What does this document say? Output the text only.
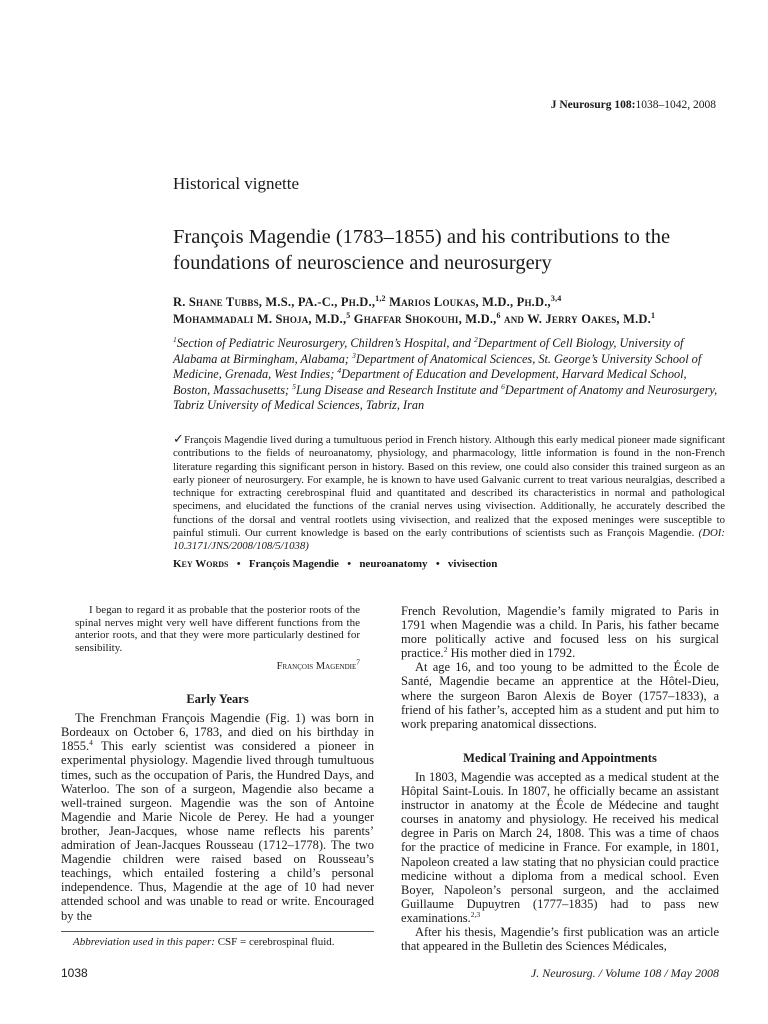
J Neurosurg 108:1038–1042, 2008
Historical vignette
François Magendie (1783–1855) and his contributions to the foundations of neuroscience and neurosurgery
R. Shane Tubbs, M.S., PA.-C., Ph.D.,$^{1,2}$ Marios Loukas, M.D., Ph.D.,$^{3,4}$
Mohammadali M. Shoja, M.D.,$^5$ Ghaffar Shokouhi, M.D.,$^6$ and W. Jerry Oakes, M.D.$^1$
$^1$Section of Pediatric Neurosurgery, Children’s Hospital, and $^2$Department of Cell Biology, University of Alabama at Birmingham, Alabama; $^3$Department of Anatomical Sciences, St. George’s University School of Medicine, Grenada, West Indies; $^4$Department of Education and Development, Harvard Medical School, Boston, Massachusetts; $^5$Lung Disease and Research Institute and $^6$Department of Anatomy and Neurosurgery, Tabriz University of Medical Sciences, Tabriz, Iran
✓François Magendie lived during a tumultuous period in French history. Although this early medical pioneer made significant contributions to the fields of neuroanatomy, physiology, and pharmacology, little information is found in the non-French literature regarding this significant person in history. Based on this review, one could also consider this trained surgeon as an early pioneer of neurosurgery. For example, he is known to have used Galvanic current to treat various neuralgias, described a technique for extracting cerebrospinal fluid and quantitated and described its characteristics in normal and pathological specimens, and elucidated the functions of the cranial nerves using vivisection. Additionally, he accurately described the functions of the dorsal and ventral rootlets using vivisection, and realized that the exposed meninges were susceptible to painful stimuli. Our current knowledge is based on the early contributions of scientists such as François Magendie. (DOI: 10.3171/JNS/2008/108/5/1038)
Key Words • François Magendie • neuroanatomy • vivisection
I began to regard it as probable that the posterior roots of the spinal nerves might very well have different functions from the anterior roots, and that they were more particularly destined for sensibility.
François Magendie$^7$
Early Years

The Frenchman François Magendie (Fig. 1) was born in Bordeaux on October 6, 1783, and died on his birthday in 1855.$^4$ This early scientist was considered a pioneer in experimental physiology. Magendie lived through tumultuous times, such as the occupation of Paris, the Hundred Days, and Waterloo. The son of a surgeon, Magendie also became a well-trained surgeon. Magendie was the son of Antoine Magendie and Marie Nicole de Perey. He had a younger brother, Jean-Jacques, whose name reflects his parents’ admiration of Jean-Jacques Rousseau (1712–1778). The two Magendie children were raised based on Rousseau’s teachings, which entailed fostering a child’s personal independence. Thus, Magendie at the age of 10 had never attended school and was unable to read or write. Encouraged by the

French Revolution, Magendie’s family migrated to Paris in 1791 when Magendie was a child. In Paris, his father became more politically active and focused less on his surgical practice.$^2$ His mother died in 1792.

At age 16, and too young to be admitted to the École de Santé, Magendie became an apprentice at the Hôtel-Dieu, where the surgeon Baron Alexis de Boyer (1757–1833), a friend of his father’s, accepted him as a student and put him to work preparing anatomical dissections.

Medical Training and Appointments

In 1803, Magendie was accepted as a medical student at the Hôpital Saint-Louis. In 1807, he officially became an assistant instructor in anatomy at the École de Médecine and taught courses in anatomy and physiology. He received his medical degree in Paris on March 24, 1808. This was a time of chaos for the practice of medicine in France. For example, in 1801, Napoleon created a law stating that no physician could practice medicine without a diploma from a medical school. Even Boyer, Napoleon’s personal surgeon, and the acclaimed Guillaume Dupuytren (1777–1835) had to pass new examinations.$^{2,3}$

After his thesis, Magendie’s first publication was an article that appeared in the Bulletin des Sciences Médicales,

Abbreviation used in this paper: CSF = cerebrospinal fluid.
1038	J. Neurosurg. / Volume 108 / May 2008
